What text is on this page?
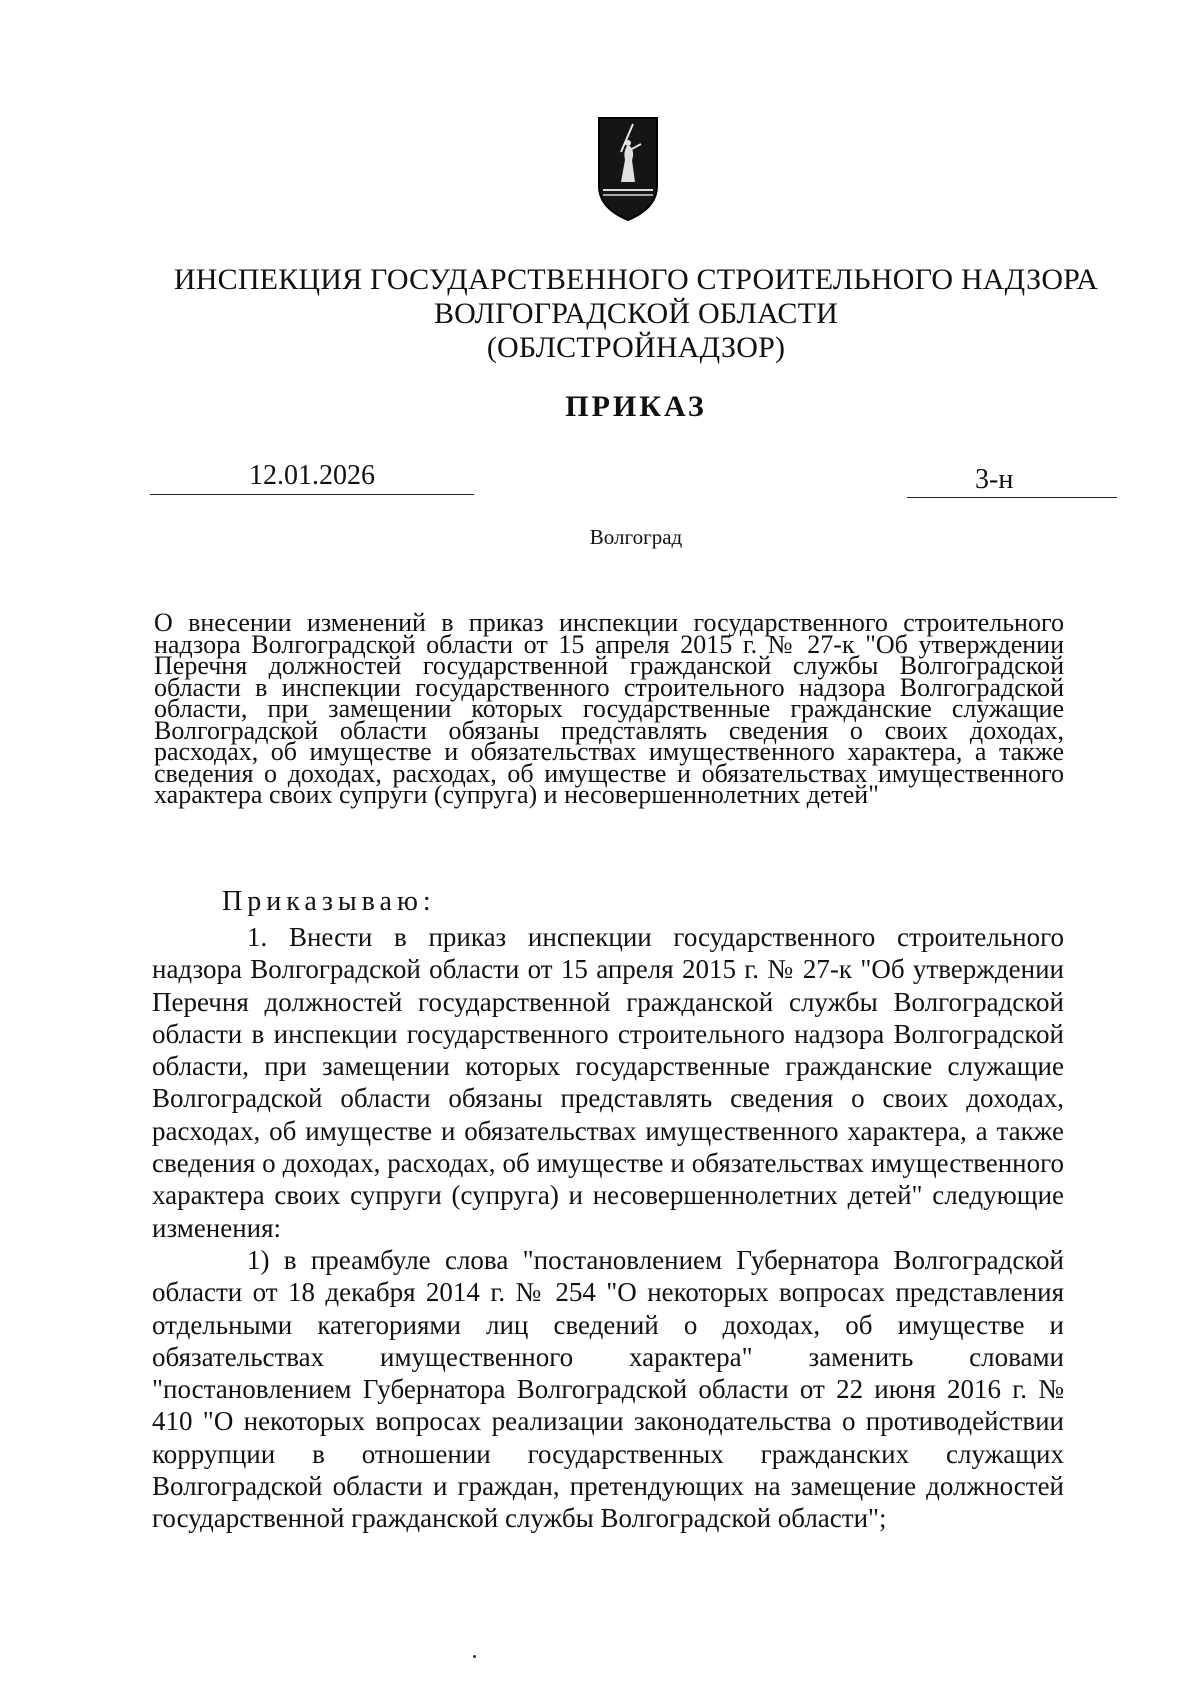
ИНСПЕКЦИЯ ГОСУДАРСТВЕННОГО СТРОИТЕЛЬНОГО НАДЗОРА
ВОЛГОГРАДСКОЙ ОБЛАСТИ
(ОБЛСТРОЙНАДЗОР)
ПРИКАЗ
12.01.2026	3-н
Волгоград

О внесении изменений в приказ инспекции государственного строительного надзора Волгоградской области от 15 апреля 2015 г. № 27-к "Об утверждении Перечня должностей государственной гражданской службы Волгоградской области в инспекции государственного строительного надзора Волгоградской области, при замещении которых государственные гражданские служащие Волгоградской области обязаны представлять сведения о своих доходах, расходах, об имуществе и обязательствах имущественного характера, а также сведения о доходах, расходах, об имуществе и обязательствах имущественного характера своих супруги (супруга) и несовершеннолетних детей"

Приказываю:

1. Внести в приказ инспекции государственного строительного надзора Волгоградской области от 15 апреля 2015 г. № 27-к "Об утверждении Перечня должностей государственной гражданской службы Волгоградской области в инспекции государственного строительного надзора Волгоградской области, при замещении которых государственные гражданские служащие Волгоградской области обязаны представлять сведения о своих доходах, расходах, об имуществе и обязательствах имущественного характера, а также сведения о доходах, расходах, об имуществе и обязательствах имущественного характера своих супруги (супруга) и несовершеннолетних детей" следующие изменения:

1) в преамбуле слова "постановлением Губернатора Волгоградской области от 18 декабря 2014 г. № 254 "О некоторых вопросах представления отдельными категориями лиц сведений о доходах, об имуществе и обязательствах имущественного характера" заменить словами "постановлением Губернатора Волгоградской области от 22 июня 2016 г. № 410 "О некоторых вопросах реализации законодательства о противодействии коррупции в отношении государственных гражданских служащих Волгоградской области и граждан, претендующих на замещение должностей государственной гражданской службы Волгоградской области";
